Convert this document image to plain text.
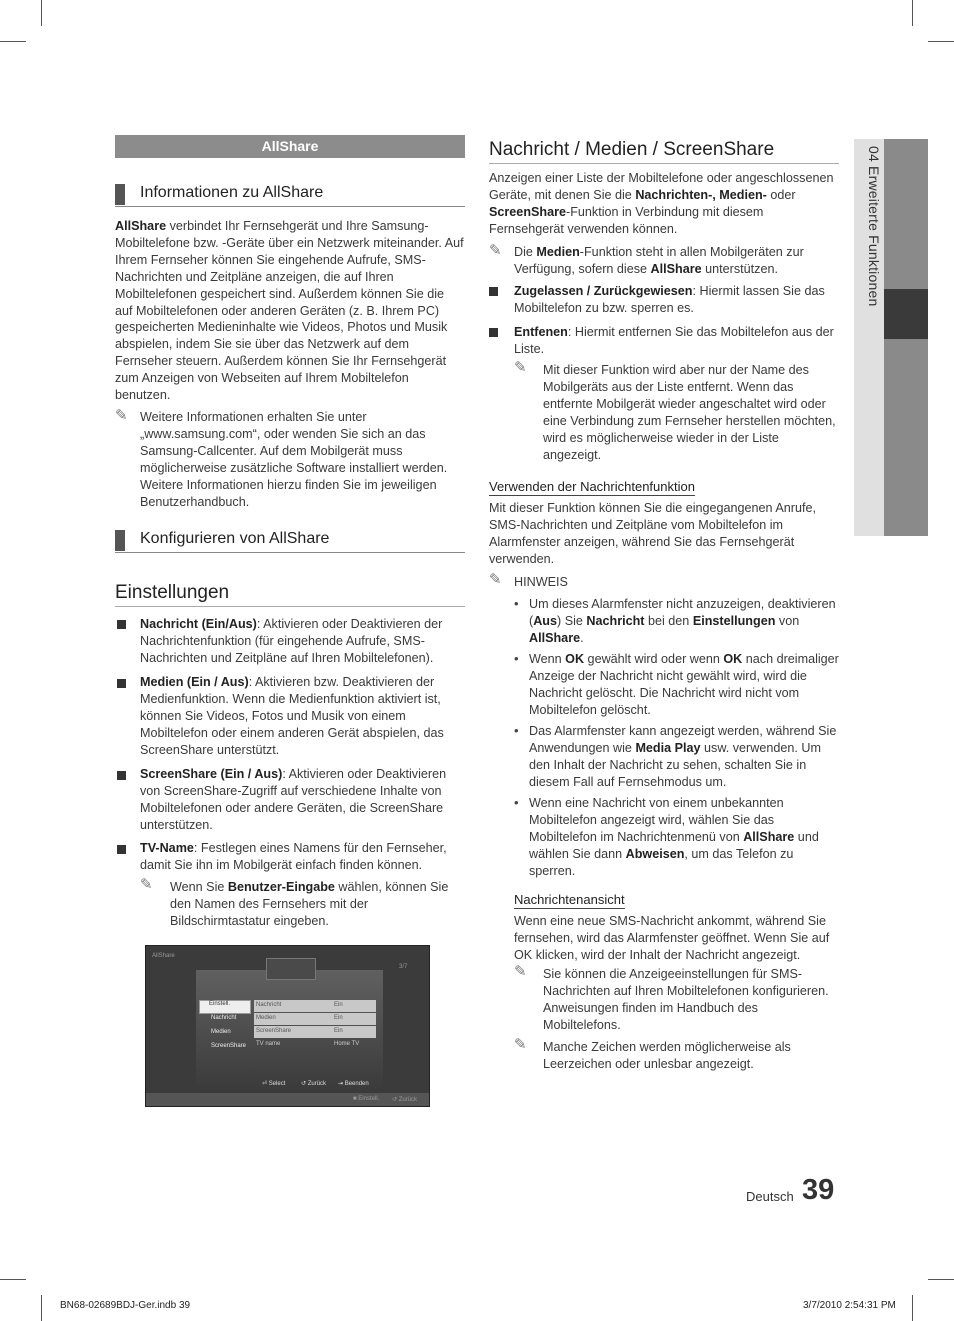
AllShare
Informationen zu AllShare

AllShare verbindet Ihr Fernsehgerät und Ihre Samsung-Mobiltelefone bzw. -Geräte über ein Netzwerk miteinander. Auf Ihrem Fernseher können Sie eingehende Aufrufe, SMS-Nachrichten und Zeitpläne anzeigen, die auf Ihren Mobiltelefonen gespeichert sind. Außerdem können Sie die auf Mobiltelefonen oder anderen Geräten (z. B. Ihrem PC) gespeicherten Medieninhalte wie Videos, Photos und Musik abspielen, indem Sie sie über das Netzwerk auf dem Fernseher steuern. Außerdem können Sie Ihr Fernsehgerät zum Anzeigen von Webseiten auf Ihrem Mobiltelefon benutzen.

✎ Weitere Informationen erhalten Sie unter „www.samsung.com“, oder wenden Sie sich an das Samsung-Callcenter. Auf dem Mobilgerät muss möglicherweise zusätzliche Software installiert werden. Weitere Informationen hierzu finden Sie im jeweiligen Benutzerhandbuch.

Konfigurieren von AllShare
Einstellungen

Nachricht (Ein/Aus): Aktivieren oder Deaktivieren der Nachrichtenfunktion (für eingehende Aufrufe, SMS-Nachrichten und Zeitpläne auf Ihren Mobiltelefonen).

Medien (Ein / Aus): Aktivieren bzw. Deaktivieren der Medienfunktion. Wenn die Medienfunktion aktiviert ist, können Sie Videos, Fotos und Musik von einem Mobiltelefon oder einem anderen Gerät abspielen, das ScreenShare unterstützt.

ScreenShare (Ein / Aus): Aktivieren oder Deaktivieren von ScreenShare-Zugriff auf verschiedene Inhalte von Mobiltelefonen oder andere Geräten, die ScreenShare unterstützen.

TV-Name: Festlegen eines Namens für den Fernseher, damit Sie ihn im Mobilgerät einfach finden können.

✎ Wenn Sie Benutzer-Eingabe wählen, können Sie den Namen des Fernsehers mit der Bildschirmtastatur eingeben.

AllShare
3/7
Einstell.
Nachricht
Medien
ScreenShare
Nachricht	Ein
Medien	Ein
ScreenShare	Ein
TV name	Home TV
⏎ Select	↺ Zurück ⇥ Beenden
■ Einstell. ↺ Zurück
Nachricht / Medien / ScreenShare

Anzeigen einer Liste der Mobiltelefone oder angeschlossenen Geräte, mit denen Sie die Nachrichten-, Medien- oder ScreenShare-Funktion in Verbindung mit diesem Fernsehgerät verwenden können.

✎ Die Medien-Funktion steht in allen Mobilgeräten zur Verfügung, sofern diese AllShare unterstützen.

Zugelassen / Zurückgewiesen: Hiermit lassen Sie das Mobiltelefon zu bzw. sperren es.

Entfenen: Hiermit entfernen Sie das Mobiltelefon aus der Liste.

✎ Mit dieser Funktion wird aber nur der Name des Mobilgeräts aus der Liste entfernt. Wenn das entfernte Mobilgerät wieder angeschaltet wird oder eine Verbindung zum Fernseher herstellen möchten, wird es möglicherweise wieder in der Liste angezeigt.

Verwenden der Nachrichtenfunktion

Mit dieser Funktion können Sie die eingegangenen Anrufe, SMS-Nachrichten und Zeitpläne vom Mobiltelefon im Alarmfenster anzeigen, während Sie das Fernsehgerät verwenden.

✎ HINWEIS
• Um dieses Alarmfenster nicht anzuzeigen, deaktivieren (Aus) Sie Nachricht bei den Einstellungen von AllShare.

• Wenn OK gewählt wird oder wenn OK nach dreimaliger Anzeige der Nachricht nicht gewählt wird, wird die Nachricht gelöscht. Die Nachricht wird nicht vom Mobiltelefon gelöscht.

• Das Alarmfenster kann angezeigt werden, während Sie Anwendungen wie Media Play usw. verwenden. Um den Inhalt der Nachricht zu sehen, schalten Sie in diesem Fall auf Fernsehmodus um.

• Wenn eine Nachricht von einem unbekannten Mobiltelefon angezeigt wird, wählen Sie das Mobiltelefon im Nachrichtenmenü von AllShare und wählen Sie dann Abweisen, um das Telefon zu sperren.

Nachrichtenansicht

Wenn eine neue SMS-Nachricht ankommt, während Sie fernsehen, wird das Alarmfenster geöffnet. Wenn Sie auf OK klicken, wird der Inhalt der Nachricht angezeigt.

✎ Sie können die Anzeigeeinstellungen für SMS-Nachrichten auf Ihren Mobiltelefonen konfigurieren. Anweisungen finden im Handbuch des Mobiltelefons.

✎ Manche Zeichen werden möglicherweise als Leerzeichen oder unlesbar angezeigt.

04 Erweiterte Funktionen
Deutsch 39
BN68-02689BDJ-Ger.indb 39	3/7/2010 2:54:31 PM
